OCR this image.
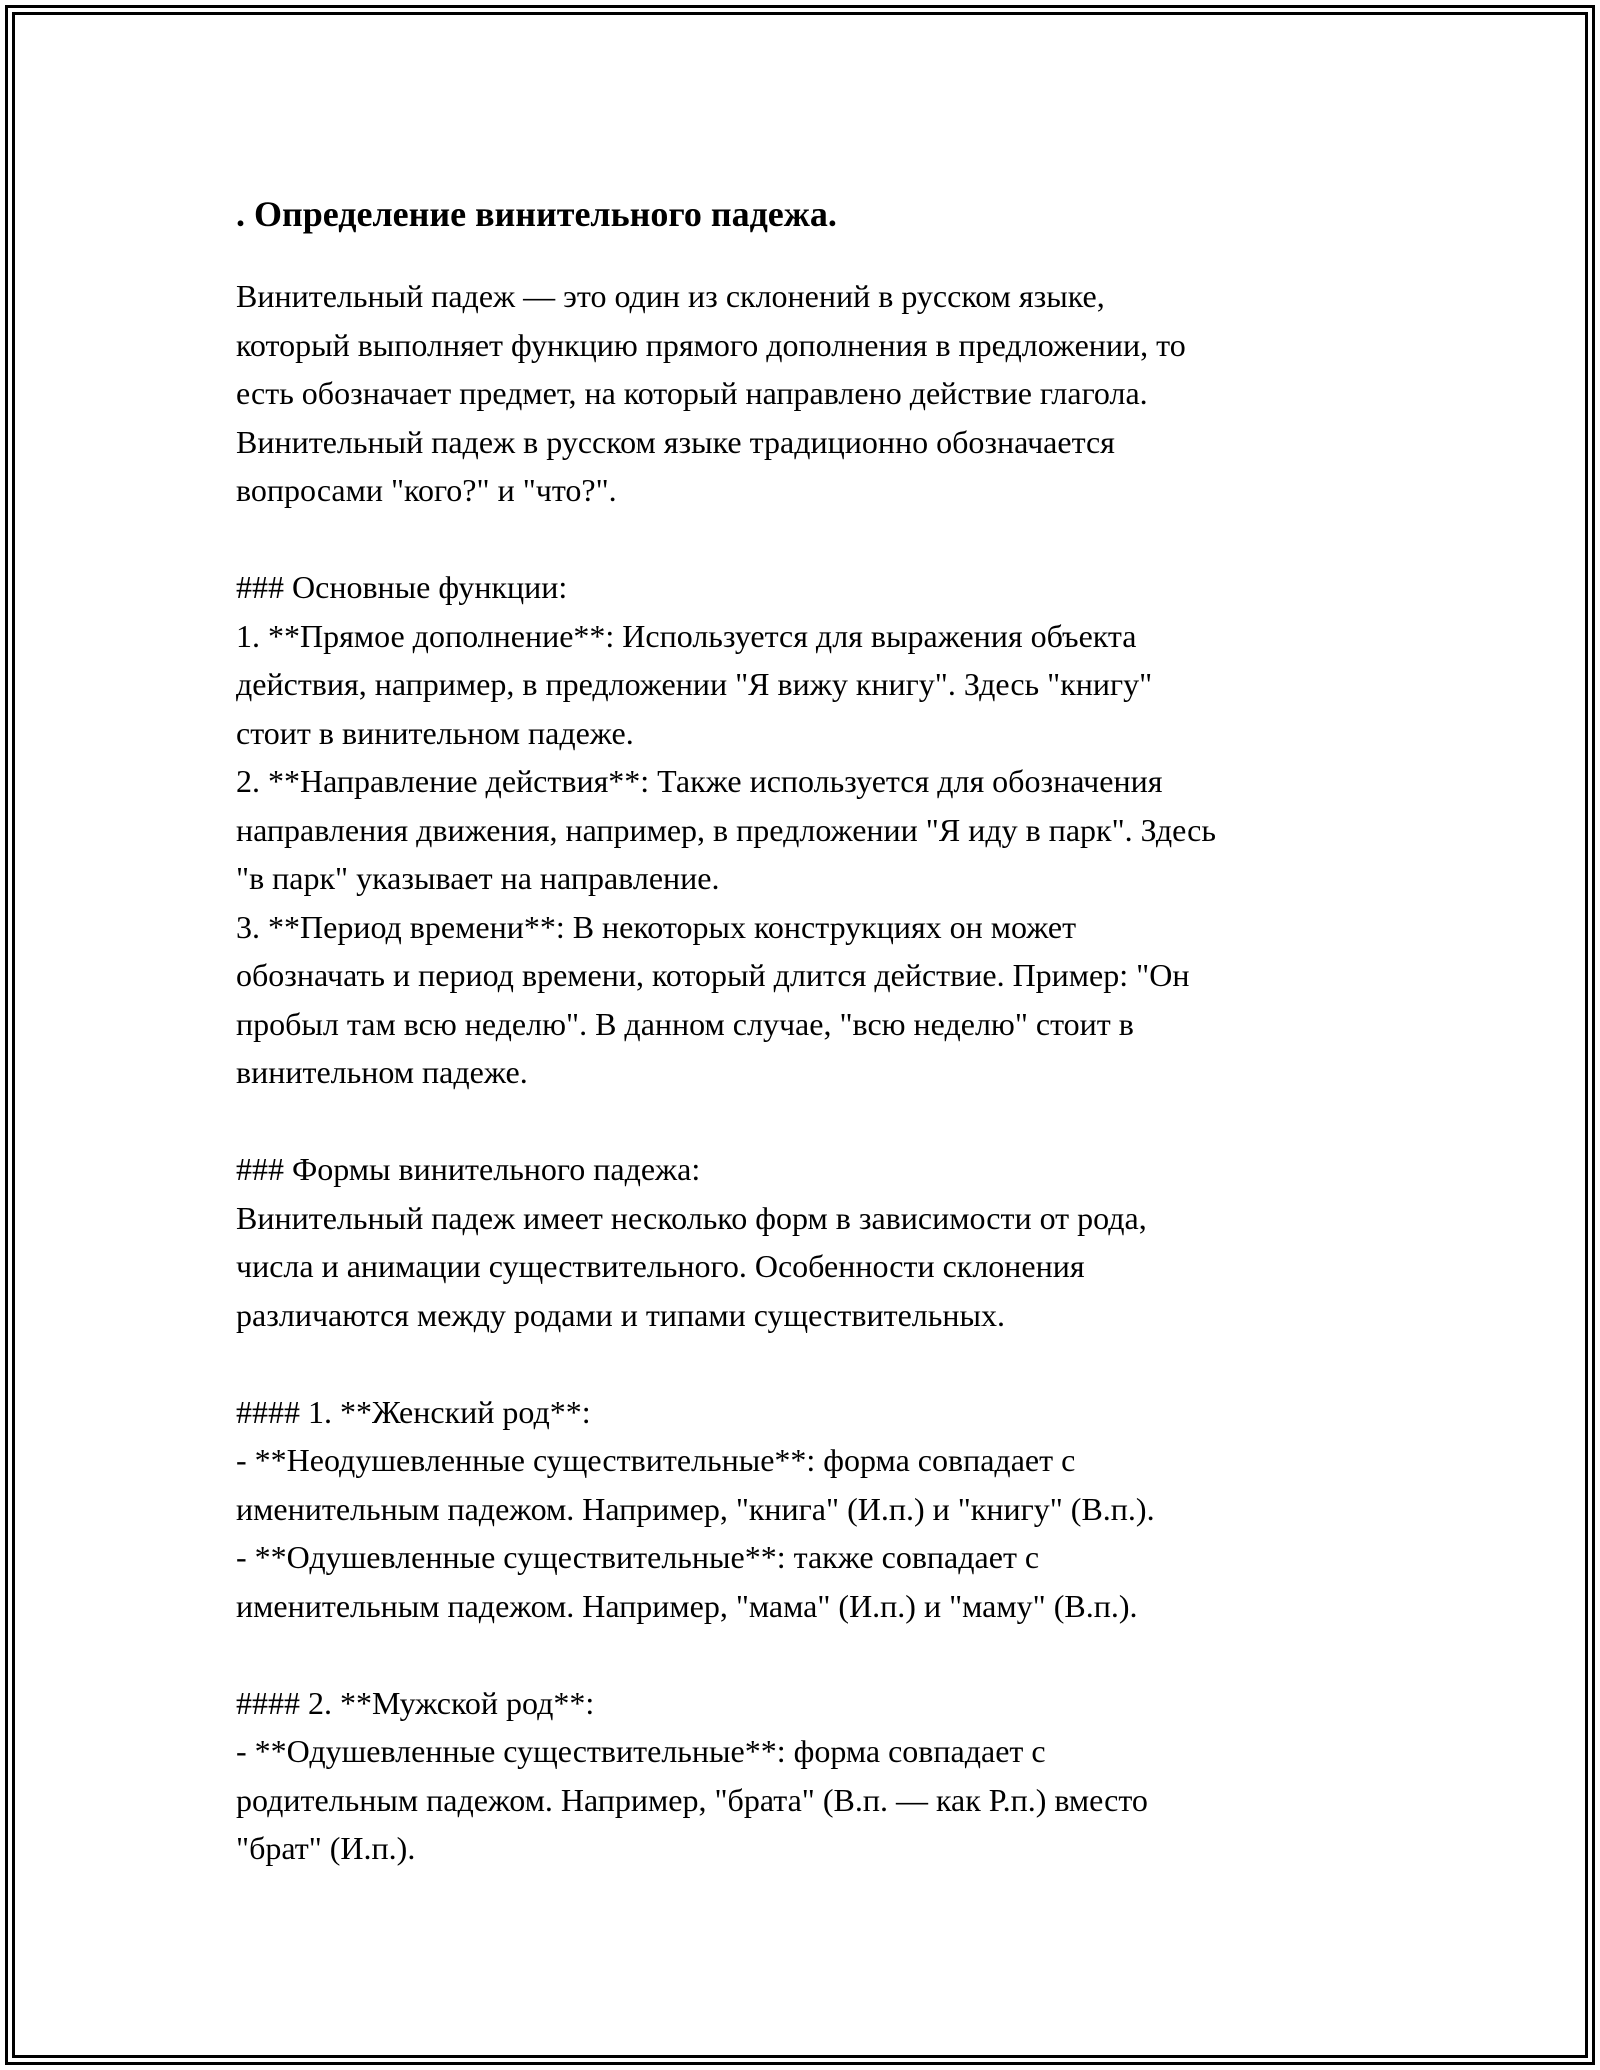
. Определение винительного падежа.
Винительный падеж — это один из склонений в русском языке,
который выполняет функцию прямого дополнения в предложении, то
есть обозначает предмет, на который направлено действие глагола.
Винительный падеж в русском языке традиционно обозначается
вопросами "кого?" и "что?".
### Основные функции:
1. **Прямое дополнение**: Используется для выражения объекта
действия, например, в предложении "Я вижу книгу". Здесь "книгу"
стоит в винительном падеже.
2. **Направление действия**: Также используется для обозначения
направления движения, например, в предложении "Я иду в парк". Здесь
"в парк" указывает на направление.
3. **Период времени**: В некоторых конструкциях он может
обозначать и период времени, который длится действие. Пример: "Он
пробыл там всю неделю". В данном случае, "всю неделю" стоит в
винительном падеже.
### Формы винительного падежа:
Винительный падеж имеет несколько форм в зависимости от рода,
числа и анимации существительного. Особенности склонения
различаются между родами и типами существительных.
#### 1. **Женский род**:
- **Неодушевленные существительные**: форма совпадает с
именительным падежом. Например, "книга" (И.п.) и "книгу" (В.п.).
- **Одушевленные существительные**: также совпадает с
именительным падежом. Например, "мама" (И.п.) и "маму" (В.п.).
#### 2. **Мужской род**:
- **Одушевленные существительные**: форма совпадает с
родительным падежом. Например, "брата" (В.п. — как Р.п.) вместо
"брат" (И.п.).
